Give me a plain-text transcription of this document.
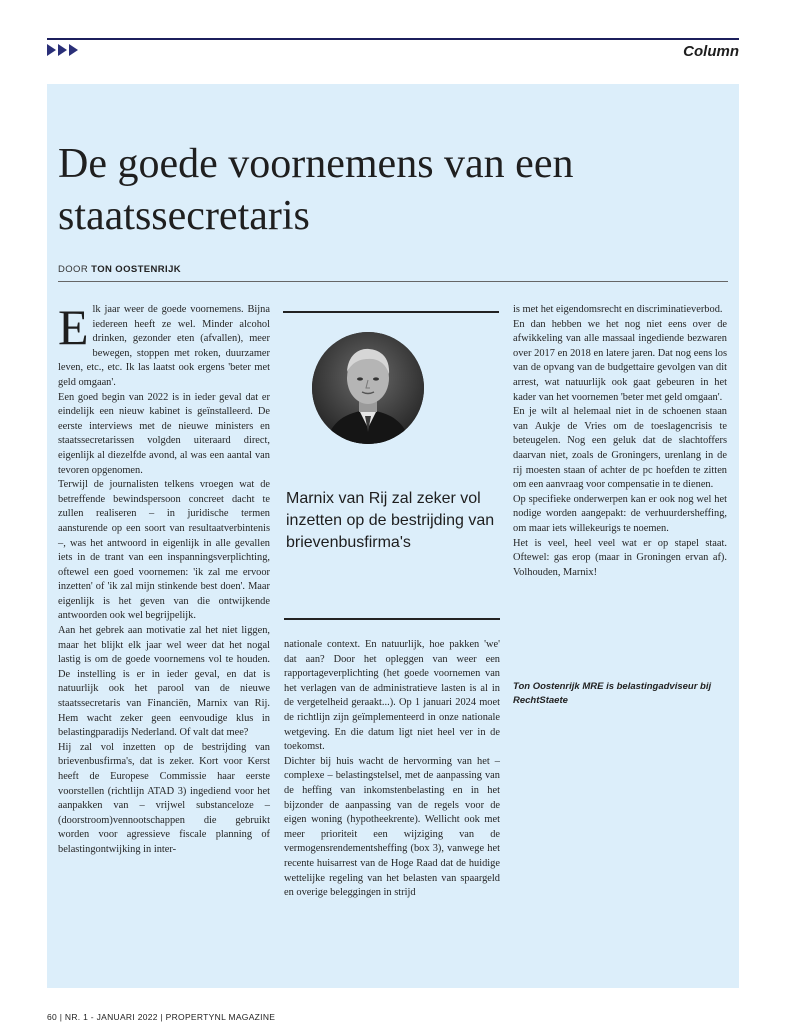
Column
De goede voornemens van een staatssecretaris
DOOR TON OOSTENRIJK

Elk jaar weer de goede voornemens. Bijna iedereen heeft ze wel. Minder alcohol drinken, gezonder eten (afvallen), meer bewegen, stoppen met roken, duurzamer leven, etc., etc. Ik las laatst ook ergens 'beter met geld omgaan'.

Een goed begin van 2022 is in ieder geval dat er eindelijk een nieuw kabinet is geïnstalleerd. De eerste interviews met de nieuwe ministers en staatssecretarissen volgden uiteraard direct, eigenlijk al diezelfde avond, al was een aantal van tevoren opgenomen.

Terwijl de journalisten telkens vroegen wat de betreffende bewindspersoon concreet dacht te zullen realiseren – in juridische termen aansturende op een soort van resultaatverbintenis –, was het antwoord in eigenlijk in alle gevallen iets in de trant van een inspanningsverplichting, oftewel een goed voornemen: 'ik zal me ervoor inzetten' of 'ik zal mijn stinkende best doen'. Maar eigenlijk is het geven van die ontwijkende antwoorden ook wel begrijpelijk.

Aan het gebrek aan motivatie zal het niet liggen, maar het blijkt elk jaar wel weer dat het nogal lastig is om de goede voornemens vol te houden. De instelling is er in ieder geval, en dat is natuurlijk ook het parool van de nieuwe staatssecretaris van Financiën, Marnix van Rij. Hem wacht zeker geen eenvoudige klus in belastingparadijs Nederland. Of valt dat mee?

Hij zal vol inzetten op de bestrijding van brievenbusfirma's, dat is zeker. Kort voor Kerst heeft de Europese Commissie haar eerste voorstellen (richtlijn ATAD 3) ingediend voor het aanpakken van – vrijwel substanceloze – (doorstroom)vennootschappen die gebruikt worden voor agressieve fiscale planning of belastingontwijking in inter-

Marnix van Rij zal zeker vol inzetten op de bestrijding van brievenbusfirma's

nationale context. En natuurlijk, hoe pakken 'we' dat aan? Door het opleggen van weer een rapportageverplichting (het goede voornemen van het verlagen van de administratieve lasten is al in de vergetelheid geraakt...). Op 1 januari 2024 moet de richtlijn zijn geïmplementeerd in onze nationale wetgeving. En die datum ligt niet heel ver in de toekomst.

Dichter bij huis wacht de hervorming van het – complexe – belastingstelsel, met de aanpassing van de heffing van inkomstenbelasting en in het bijzonder de aanpassing van de regels voor de eigen woning (hypotheekrente). Wellicht ook met meer prioriteit een wijziging van de vermogensrendementsheffing (box 3), vanwege het recente huisarrest van de Hoge Raad dat de huidige wettelijke regeling van het belasten van spaargeld en overige beleggingen in strijd

is met het eigendomsrecht en discriminatieverbod.

En dan hebben we het nog niet eens over de afwikkeling van alle massaal ingediende bezwaren over 2017 en 2018 en latere jaren. Dat nog eens los van de opvang van de budgettaire gevolgen van dit arrest, wat natuurlijk ook gaat gebeuren in het kader van het voornemen 'beter met geld omgaan'.

En je wilt al helemaal niet in de schoenen staan van Aukje de Vries om de toeslagencrisis te beteugelen. Nog een geluk dat de slachtoffers daarvan niet, zoals de Groningers, urenlang in de rij moesten staan of achter de pc hoefden te zitten om een aanvraag voor compensatie in te dienen.

Op specifieke onderwerpen kan er ook nog wel het nodige worden aangepakt: de verhuurdersheffing, om maar iets willekeurigs te noemen.

Het is veel, heel veel wat er op stapel staat. Oftewel: gas erop (maar in Groningen ervan af). Volhouden, Marnix!

Ton Oostenrijk MRE is belastingadviseur bij RechtStaete
60 | NR. 1 - JANUARI 2022 | PROPERTYNL MAGAZINE
